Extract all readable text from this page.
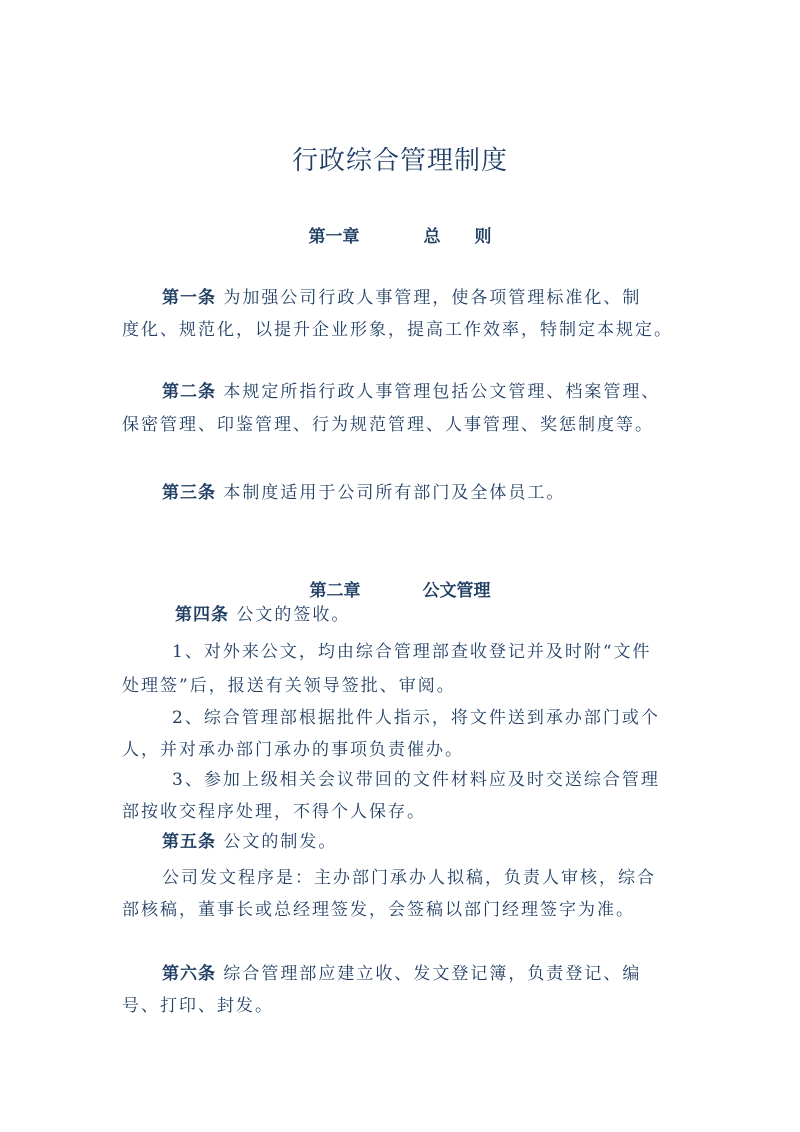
行政综合管理制度
第一章	总　　则
第一条 为加强公司行政人事管理，使各项管理标准化、制
度化、规范化，以提升企业形象，提高工作效率，特制定本规定。
第二条 本规定所指行政人事管理包括公文管理、档案管理、
保密管理、印鉴管理、行为规范管理、人事管理、奖惩制度等。
第三条 本制度适用于公司所有部门及全体员工。
第二章	公文管理
第四条 公文的签收。
1、对外来公文，均由综合管理部查收登记并及时附“文件
处理签”后，报送有关领导签批、审阅。
2、综合管理部根据批件人指示，将文件送到承办部门或个
人，并对承办部门承办的事项负责催办。
3、参加上级相关会议带回的文件材料应及时交送综合管理
部按收交程序处理，不得个人保存。
第五条 公文的制发。
公司发文程序是：主办部门承办人拟稿，负责人审核，综合
部核稿，董事长或总经理签发，会签稿以部门经理签字为准。
第六条 综合管理部应建立收、发文登记簿，负责登记、编
号、打印、封发。
